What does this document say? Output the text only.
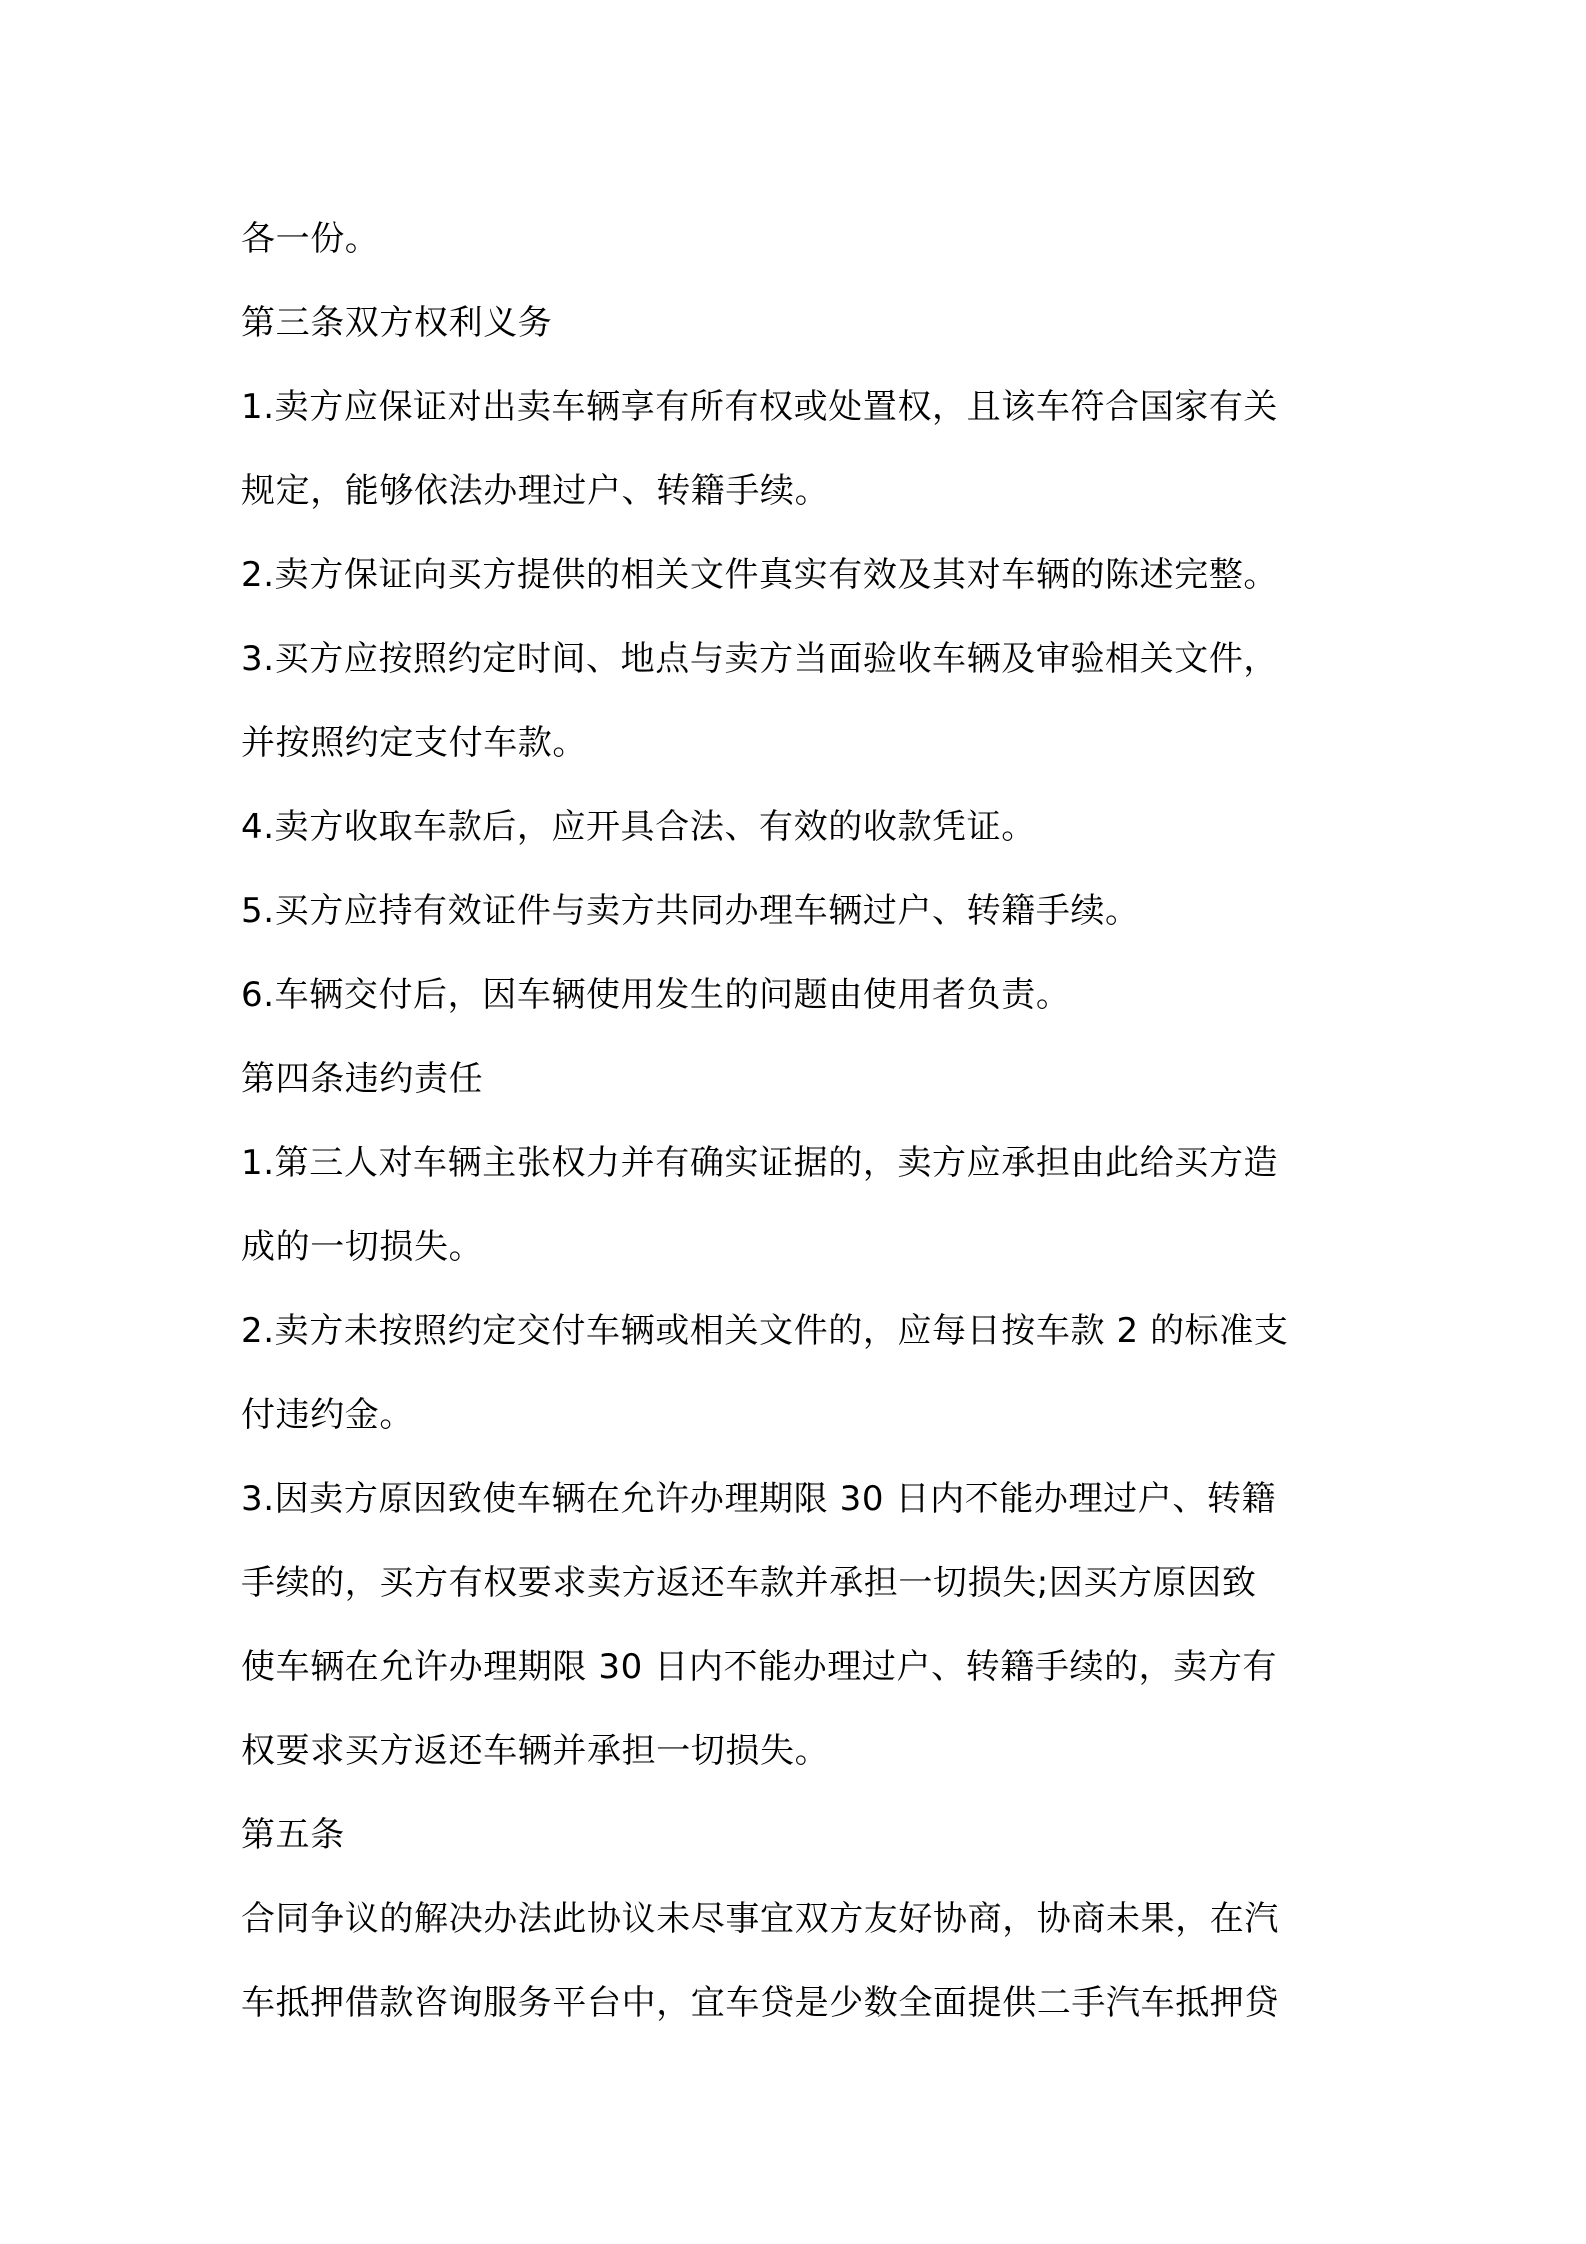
各一份。
第三条双方权利义务
1.卖方应保证对出卖车辆享有所有权或处置权，且该车符合国家有关
规定，能够依法办理过户、转籍手续。
2.卖方保证向买方提供的相关文件真实有效及其对车辆的陈述完整。
3.买方应按照约定时间、地点与卖方当面验收车辆及审验相关文件，
并按照约定支付车款。
4.卖方收取车款后，应开具合法、有效的收款凭证。
5.买方应持有效证件与卖方共同办理车辆过户、转籍手续。
6.车辆交付后，因车辆使用发生的问题由使用者负责。
第四条违约责任
1.第三人对车辆主张权力并有确实证据的，卖方应承担由此给买方造
成的一切损失。
2.卖方未按照约定交付车辆或相关文件的，应每日按车款 2 的标准支
付违约金。
3.因卖方原因致使车辆在允许办理期限 30 日内不能办理过户、转籍
手续的，买方有权要求卖方返还车款并承担一切损失;因买方原因致
使车辆在允许办理期限 30 日内不能办理过户、转籍手续的，卖方有
权要求买方返还车辆并承担一切损失。
第五条
合同争议的解决办法此协议未尽事宜双方友好协商，协商未果，在汽
车抵押借款咨询服务平台中，宜车贷是少数全面提供二手汽车抵押贷
